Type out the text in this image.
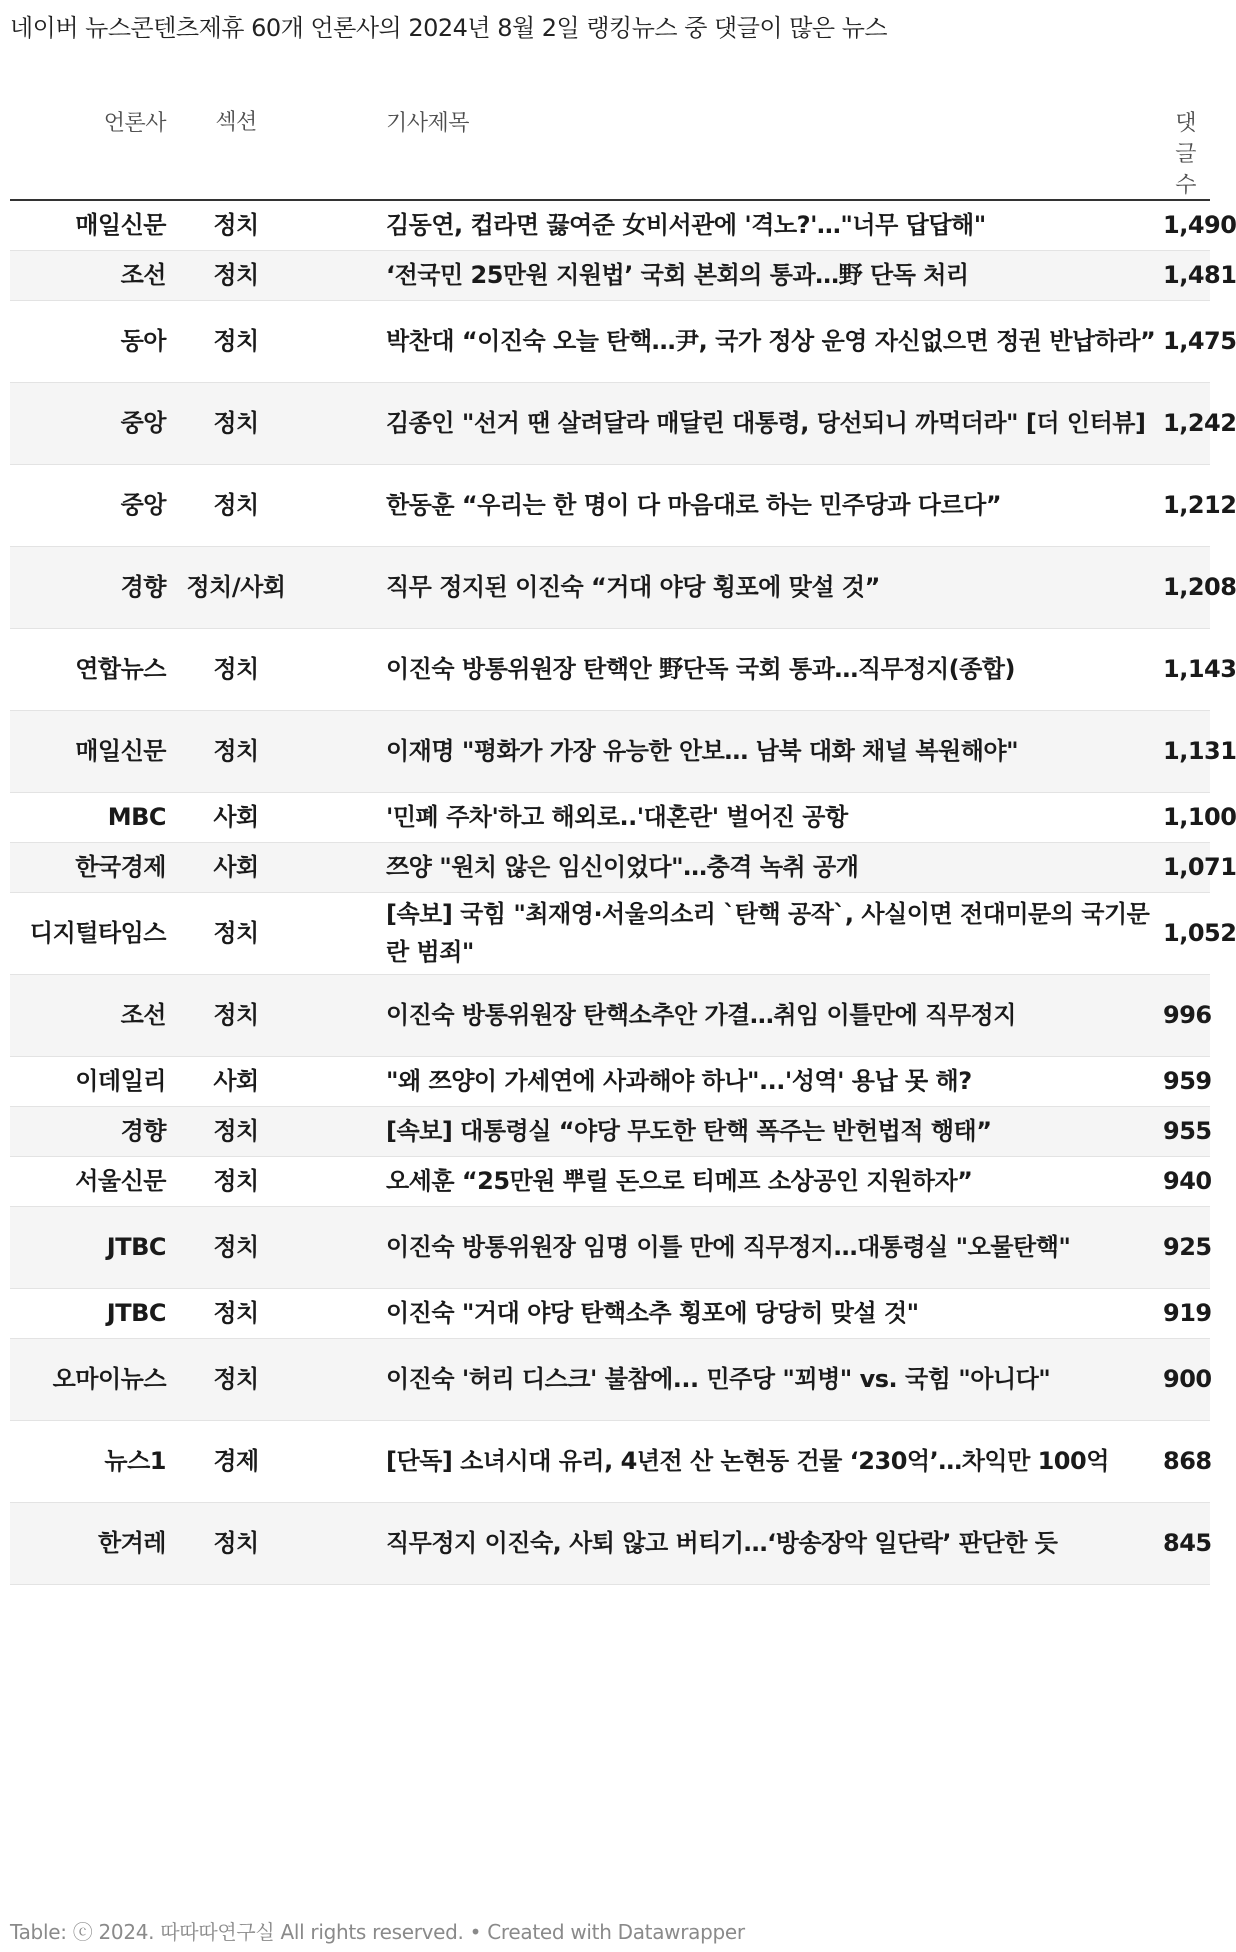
네이버 뉴스콘텐츠제휴 60개 언론사의 2024년 8월 2일 랭킹뉴스 중 댓글이 많은 뉴스
언론사	섹션	기사제목	댓글수
매일신문	정치	김동연, 컵라면 끓여준 女비서관에 '격노?'…"너무 답답해"	1,490
조선	정치	‘전국민 25만원 지원법’ 국회 본회의 통과…野 단독 처리	1,481
동아	정치	박찬대 “이진숙 오늘 탄핵…尹, 국가 정상 운영 자신없으면 정권 반납하라”	1,475
중앙	정치	김종인 "선거 땐 살려달라 매달린 대통령, 당선되니 까먹더라" [더 인터뷰]	1,242
중앙	정치	한동훈 “우리는 한 명이 다 마음대로 하는 민주당과 다르다”	1,212
경향	정치/사회	직무 정지된 이진숙 “거대 야당 횡포에 맞설 것”	1,208
연합뉴스	정치	이진숙 방통위원장 탄핵안 野단독 국회 통과…직무정지(종합)	1,143
매일신문	정치	이재명 "평화가 가장 유능한 안보… 남북 대화 채널 복원해야"	1,131
MBC	사회	'민폐 주차'하고 해외로..'대혼란' 벌어진 공항	1,100
한국경제	사회	쯔양 "원치 않은 임신이었다"…충격 녹취 공개	1,071
디지털타임스	정치	[속보] 국힘 "최재영·서울의소리 `탄핵 공작`, 사실이면 전대미문의 국기문란 범죄"	1,052
조선	정치	이진숙 방통위원장 탄핵소추안 가결…취임 이틀만에 직무정지	996
이데일리	사회	"왜 쯔양이 가세연에 사과해야 하나"...'성역' 용납 못 해?	959
경향	정치	[속보] 대통령실 “야당 무도한 탄핵 폭주는 반헌법적 행태”	955
서울신문	정치	오세훈 “25만원 뿌릴 돈으로 티메프 소상공인 지원하자”	940
JTBC	정치	이진숙 방통위원장 임명 이틀 만에 직무정지…대통령실 "오물탄핵"	925
JTBC	정치	이진숙 "거대 야당 탄핵소추 횡포에 당당히 맞설 것"	919
오마이뉴스	정치	이진숙 '허리 디스크' 불참에... 민주당 "꾀병" vs. 국힘 "아니다"	900
뉴스1	경제	[단독] 소녀시대 유리, 4년전 산 논현동 건물 ‘230억’…차익만 100억	868
한겨레	정치	직무정지 이진숙, 사퇴 않고 버티기…‘방송장악 일단락’ 판단한 듯	845
Table: ⓒ 2024. 따따따연구실 All rights reserved. • Created with Datawrapper
